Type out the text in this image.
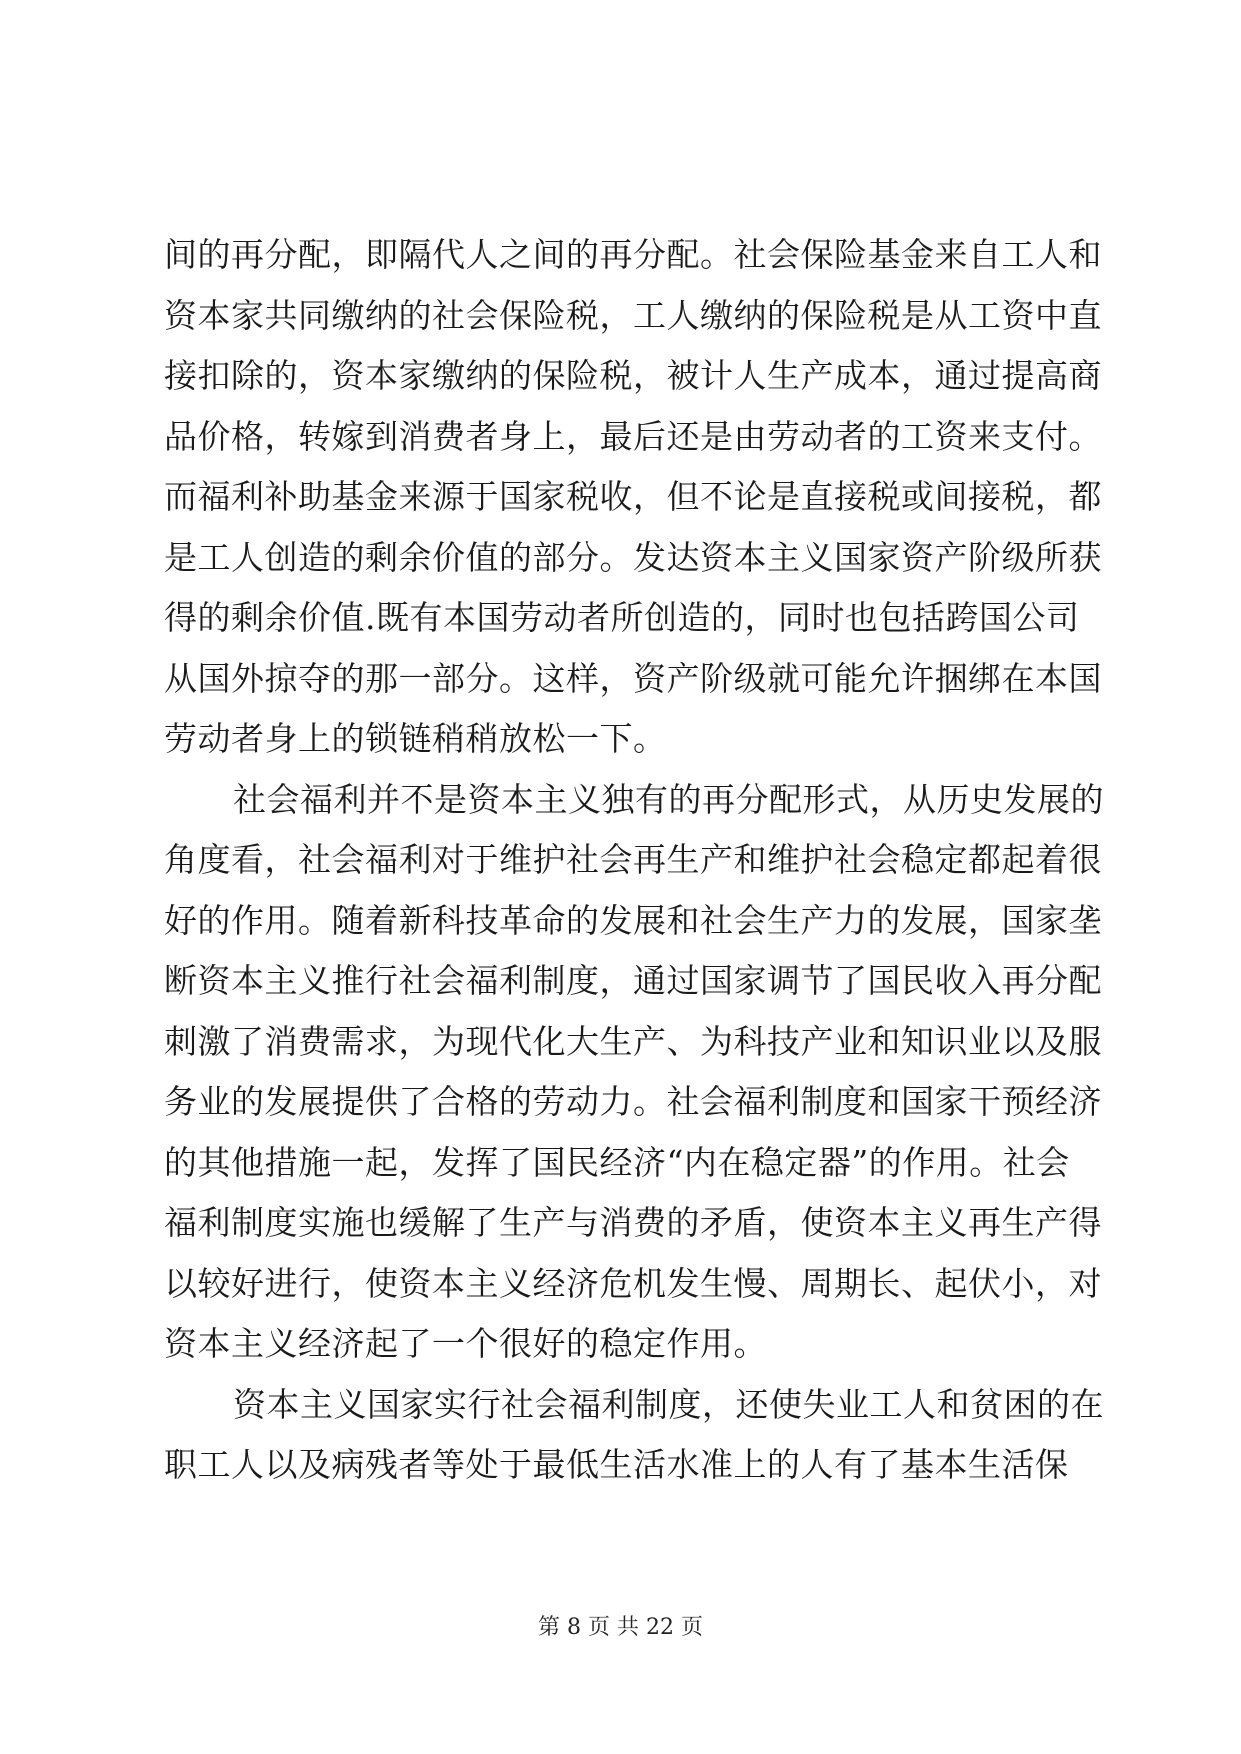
间的再分配，即隔代人之间的再分配。社会保险基金来自工人和
资本家共同缴纳的社会保险税，工人缴纳的保险税是从工资中直
接扣除的，资本家缴纳的保险税，被计人生产成本，通过提高商
品价格，转嫁到消费者身上，最后还是由劳动者的工资来支付。
而福利补助基金来源于国家税收，但不论是直接税或间接税，都
是工人创造的剩余价值的部分。发达资本主义国家资产阶级所获
得的剩余价值.既有本国劳动者所创造的，同时也包括跨国公司
从国外掠夺的那一部分。这样，资产阶级就可能允许捆绑在本国
劳动者身上的锁链稍稍放松一下。
社会福利并不是资本主义独有的再分配形式，从历史发展的
角度看，社会福利对于维护社会再生产和维护社会稳定都起着很
好的作用。随着新科技革命的发展和社会生产力的发展，国家垄
断资本主义推行社会福利制度，通过国家调节了国民收入再分配
刺激了消费需求，为现代化大生产、为科技产业和知识业以及服
务业的发展提供了合格的劳动力。社会福利制度和国家干预经济
的其他措施一起，发挥了国民经济“内在稳定器”的作用。社会
福利制度实施也缓解了生产与消费的矛盾，使资本主义再生产得
以较好进行，使资本主义经济危机发生慢、周期长、起伏小，对
资本主义经济起了一个很好的稳定作用。
资本主义国家实行社会福利制度，还使失业工人和贫困的在
职工人以及病残者等处于最低生活水准上的人有了基本生活保
第 8 页 共 22 页
